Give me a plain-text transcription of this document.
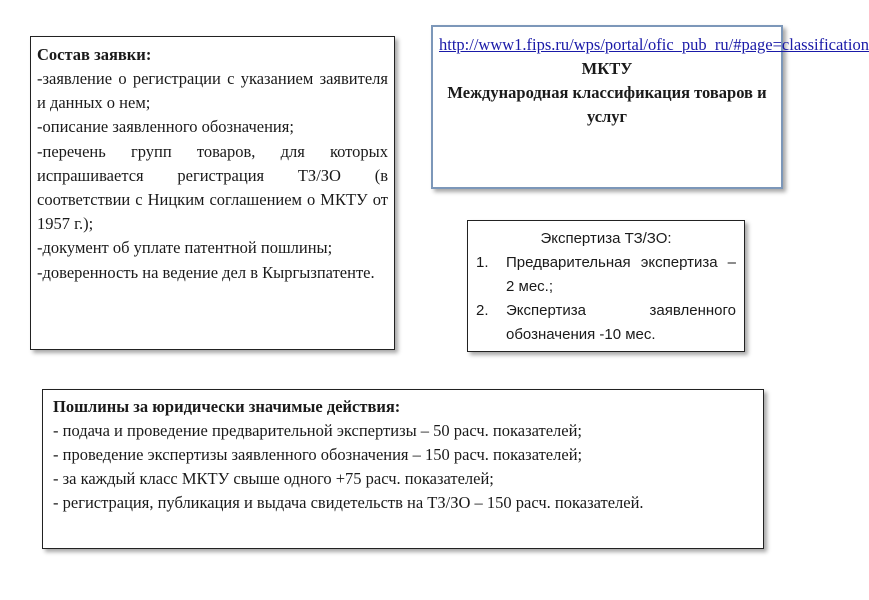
Состав заявки:
-заявление о регистрации с указанием заявителя и данных о нем;
-описание заявленного обозначения;
-перечень групп товаров, для которых испрашивается регистрация ТЗ/ЗО (в соответствии с Ницким соглашением о МКТУ от 1957 г.);
-документ об уплате патентной пошлины;
-доверенность на ведение дел в Кыргызпатенте.
http://www1.fips.ru/wps/portal/ofic_pub_ru/#page=classification
МКТУ
Международная классификация товаров и услуг
Экспертиза ТЗ/ЗО:
1.	Предварительная экспертиза – 2 мес.;
2.	Экспертиза заявленного обозначения -10 мес.
Пошлины за юридически значимые действия:
- подача и проведение предварительной экспертизы – 50 расч. показателей;
- проведение экспертизы заявленного обозначения – 150 расч. показателей;
- за каждый класс МКТУ свыше одного +75 расч. показателей;
- регистрация, публикация и выдача свидетельств на ТЗ/ЗО – 150 расч. показателей.
